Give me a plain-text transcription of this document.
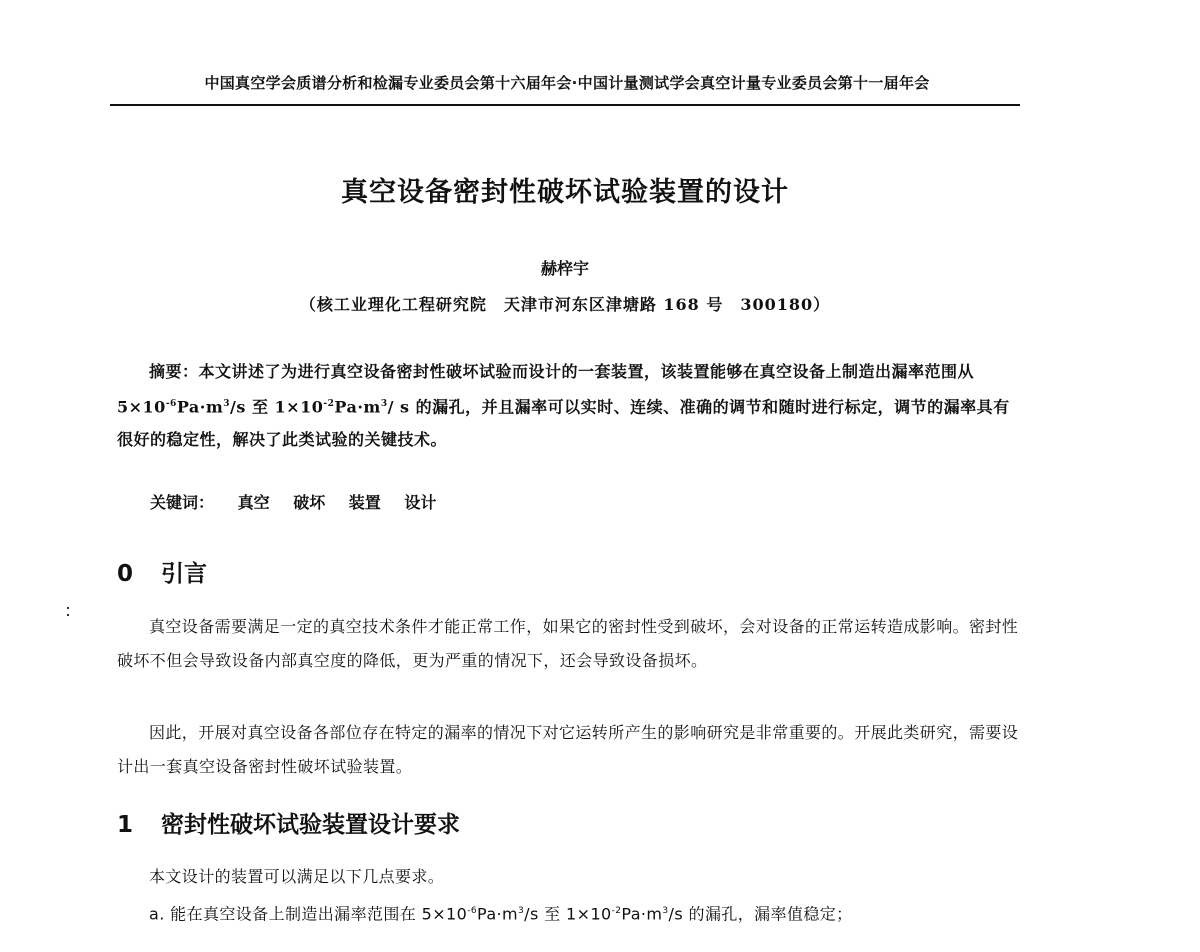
中国真空学会质谱分析和检漏专业委员会第十六届年会·中国计量测试学会真空计量专业委员会第十一届年会
真空设备密封性破坏试验装置的设计
赫梓宇
（核工业理化工程研究院　天津市河东区津塘路 168 号　300180）
摘要：本文讲述了为进行真空设备密封性破坏试验而设计的一套装置，该装置能够在真空设备上制造出漏率范围从 $5\times 10^{-6}Pa\cdot m^3/s$ 至 $1\times 10^{-2}Pa\cdot m^3/$ s 的漏孔，并且漏率可以实时、连续、准确的调节和随时进行标定，调节的漏率具有很好的稳定性，解决了此类试验的关键技术。
关键词： 真空 破坏 装置 设计
0 引言
真空设备需要满足一定的真空技术条件才能正常工作，如果它的密封性受到破坏，会对设备的正常运转造成影响。密封性破坏不但会导致设备内部真空度的降低，更为严重的情况下，还会导致设备损坏。
因此，开展对真空设备各部位存在特定的漏率的情况下对它运转所产生的影响研究是非常重要的。开展此类研究，需要设计出一套真空设备密封性破坏试验装置。
1 密封性破坏试验装置设计要求
本文设计的装置可以满足以下几点要求。
a. 能在真空设备上制造出漏率范围在 $5\times 10^{-6}Pa\cdot m^3/s$ 至 $1\times 10^{-2}Pa\cdot m^3/s$ 的漏孔，漏率值稳定；
